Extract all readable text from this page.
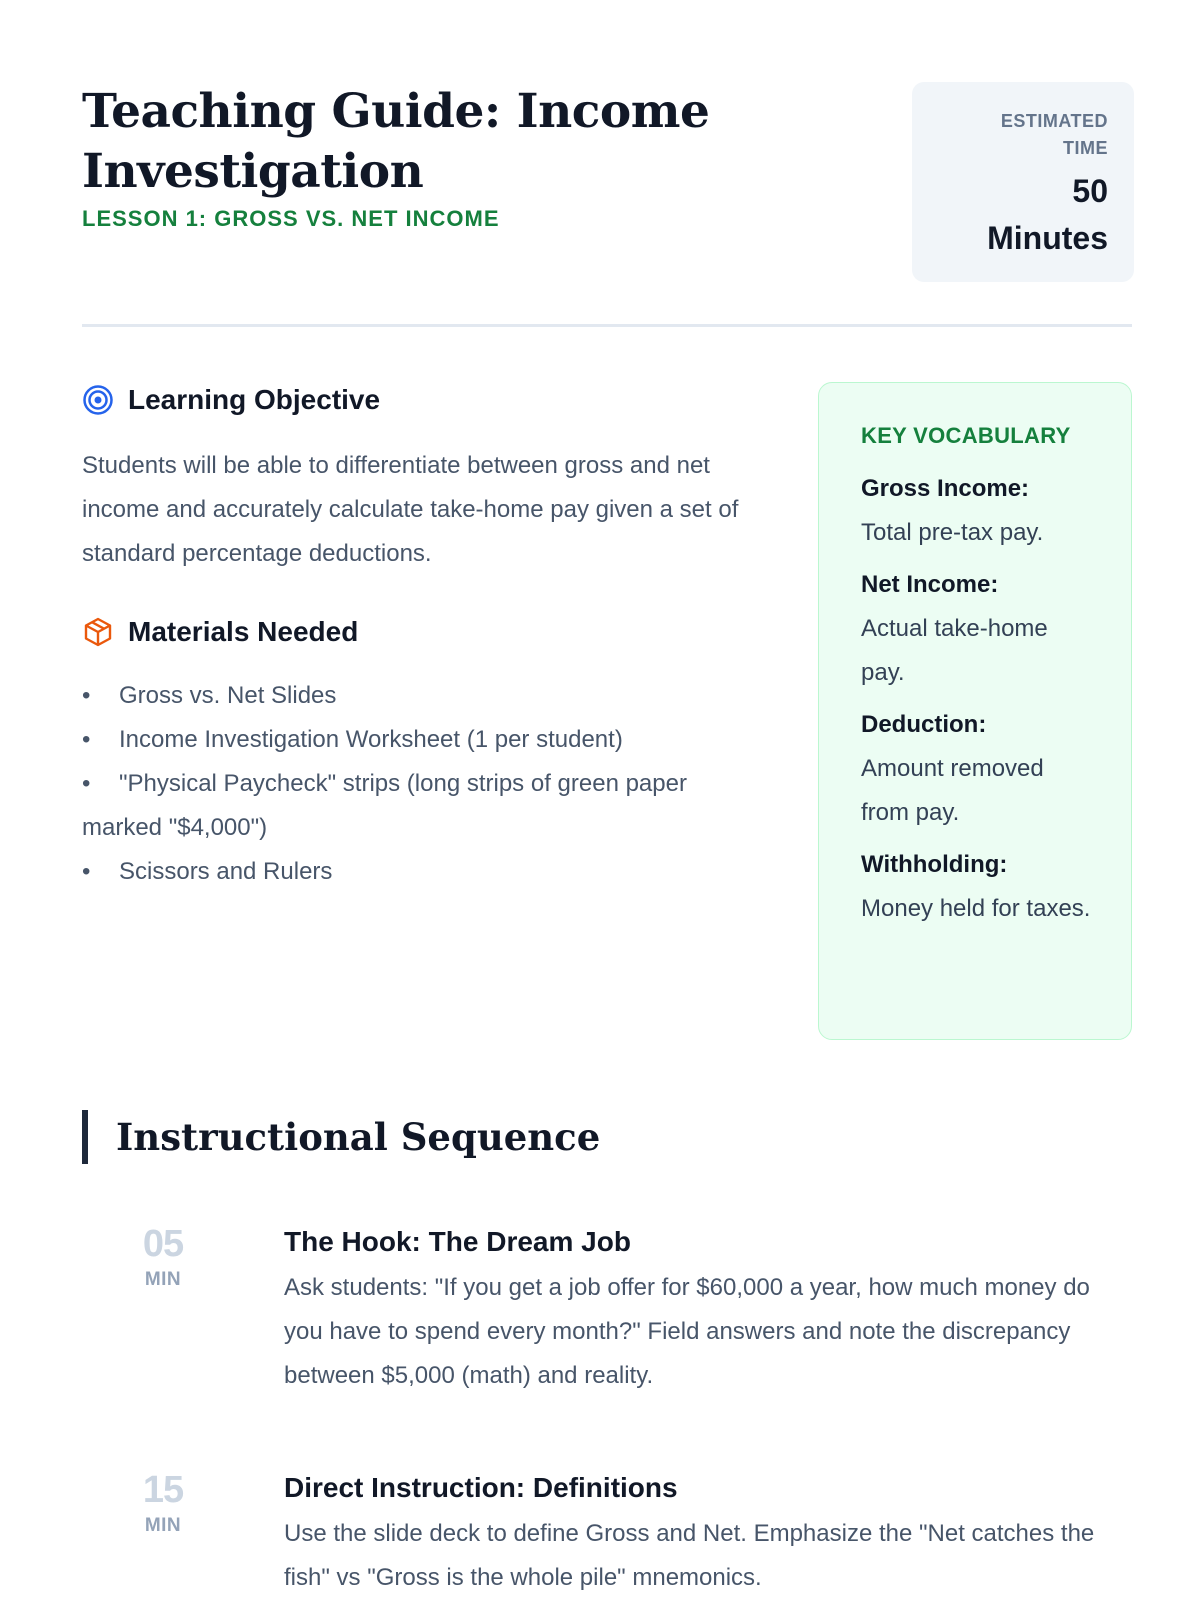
Teaching Guide: Income Investigation
LESSON 1: GROSS VS. NET INCOME
ESTIMATED
TIME
50
Minutes
Learning Objective

Students will be able to differentiate between gross and net income and accurately calculate take-home pay given a set of standard percentage deductions.

Materials Needed
• Gross vs. Net Slides
• Income Investigation Worksheet (1 per student)
• "Physical Paycheck" strips (long strips of green paper marked "$4,000")
• Scissors and Rulers
KEY VOCABULARY
Gross Income:
Total pre-tax pay.
Net Income:
Actual take-home pay.
Deduction:
Amount removed from pay.
Withholding:
Money held for taxes.
Instructional Sequence
05
MIN
The Hook: The Dream Job
Ask students: "If you get a job offer for $60,000 a year, how much money do you have to spend every month?" Field answers and note the discrepancy between $5,000 (math) and reality.
15
MIN
Direct Instruction: Definitions
Use the slide deck to define Gross and Net. Emphasize the "Net catches the fish" vs "Gross is the whole pile" mnemonics.
